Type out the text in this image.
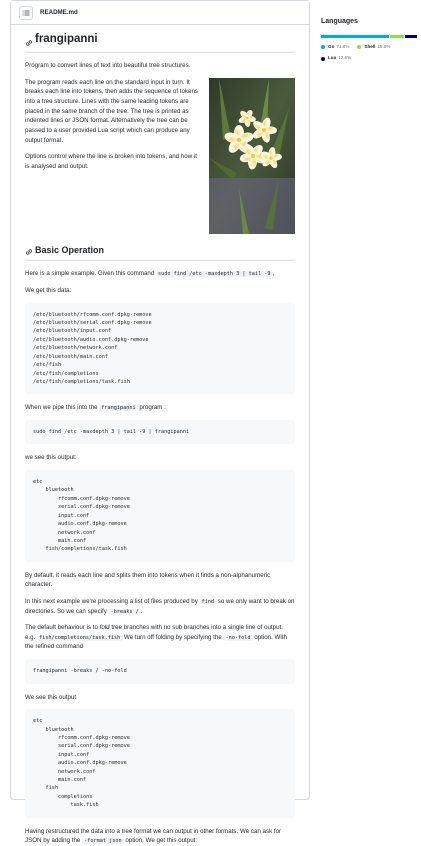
README.md
frangipanni

Program to convert lines of text into beautiful tree structures.

The program reads each line on the standard input in turn. It breaks each line into tokens, then adds the sequence of tokens into a tree structure. Lines with the same leading tokens are placed in the same branch of the tree. The tree is printed as indented lines or JSON format. Alternatively the tree can be passed to a user provided Lua script which can produce any output format.

Options control where the line is broken into tokens, and how it is analysed and output.

Basic Operation

Here is a simple example. Given this command sudo find /etc -maxdepth 3 | tail -9 ,

We get this data:

/etc/bluetooth/rfcomm.conf.dpkg-remove
/etc/bluetooth/serial.conf.dpkg-remove
/etc/bluetooth/input.conf
/etc/bluetooth/audio.conf.dpkg-remove
/etc/bluetooth/network.conf
/etc/bluetooth/main.conf
/etc/fish
/etc/fish/completions
/etc/fish/completions/task.fish

When we pipe this into the frangipanni program :

sudo find /etc -maxdepth 3 | tail -9 | frangipanni

we see this output:

etc
bluetooth
rfcomm.conf.dpkg-remove
serial.conf.dpkg-remove
input.conf
audio.conf.dpkg-remove
network.conf
main.conf
fish/completions/task.fish

By default, it reads each line and splits them into tokens when it finds a non-alphanumeric character.

In this next example we're processing a list of files produced by find so we only want to break on directories. So we can specify -breaks / .

The default behaviour is to fold tree branches with no sub branches into a single line of output. e.g. fish/completions/task.fish We turn off folding by specifying the -no-fold option. With the refined command

frangipanni -breaks / -no-fold

We see this output

etc
bluetooth
rfcomm.conf.dpkg-remove
serial.conf.dpkg-remove
input.conf
audio.conf.dpkg-remove
network.conf
main.conf
fish
completions
task.fish

Having restructured the data into a tree format we can output in other formats. We can ask for JSON by adding the -format json option. We get this output:

Languages
Go 71.8%	Shell 15.6%
Lua 12.6%
